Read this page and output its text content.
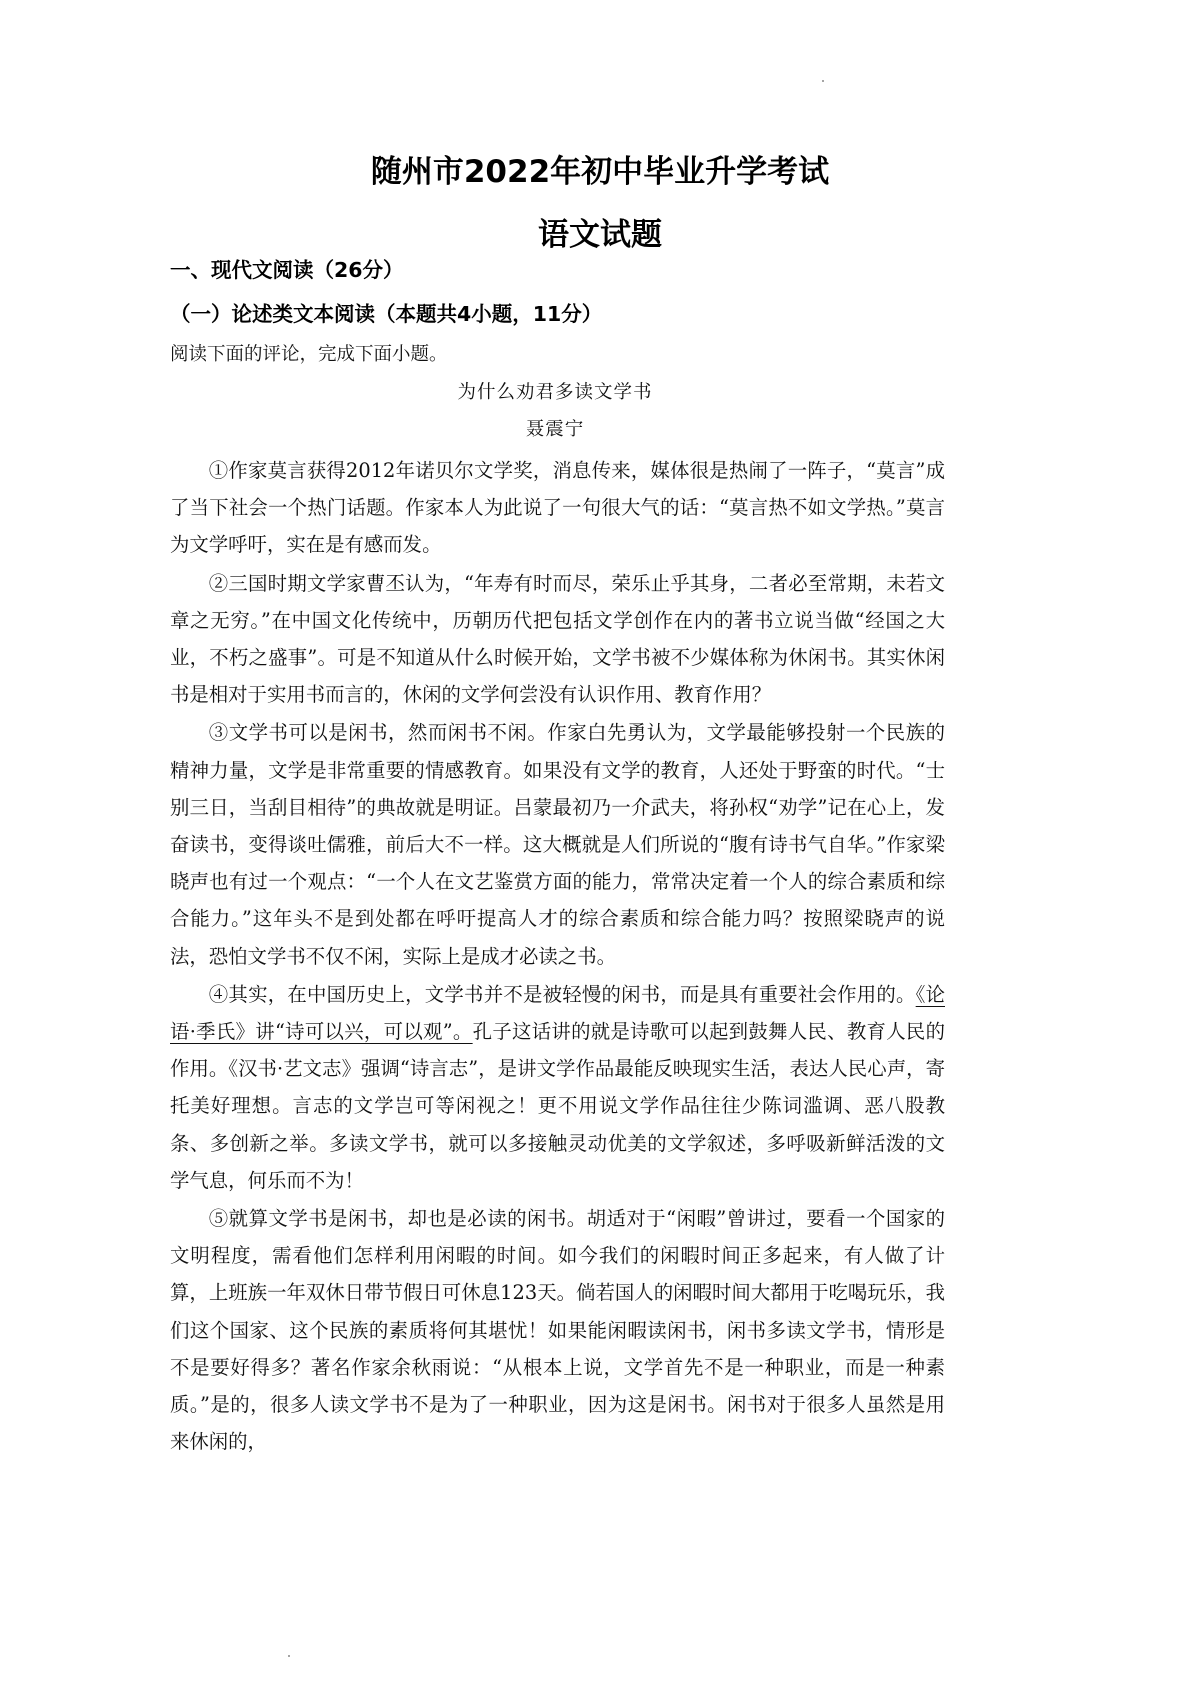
随州市2022年初中毕业升学考试
语文试题
一、现代文阅读（26分）
（一）论述类文本阅读（本题共4小题，11分）
阅读下面的评论，完成下面小题。
为什么劝君多读文学书
聂震宁

①作家莫言获得2012年诺贝尔文学奖，消息传来，媒体很是热闹了一阵子，“莫言”成了当下社会一个热门话题。作家本人为此说了一句很大气的话：“莫言热不如文学热。”莫言为文学呼吁，实在是有感而发。

②三国时期文学家曹丕认为，“年寿有时而尽，荣乐止乎其身，二者必至常期，未若文章之无穷。”在中国文化传统中，历朝历代把包括文学创作在内的著书立说当做“经国之大业，不朽之盛事”。可是不知道从什么时候开始，文学书被不少媒体称为休闲书。其实休闲书是相对于实用书而言的，休闲的文学何尝没有认识作用、教育作用？

③文学书可以是闲书，然而闲书不闲。作家白先勇认为，文学最能够投射一个民族的精神力量，文学是非常重要的情感教育。如果没有文学的教育，人还处于野蛮的时代。“士别三日，当刮目相待”的典故就是明证。吕蒙最初乃一介武夫，将孙权“劝学”记在心上，发奋读书，变得谈吐儒雅，前后大不一样。这大概就是人们所说的“腹有诗书气自华。”作家梁晓声也有过一个观点：“一个人在文艺鉴赏方面的能力，常常决定着一个人的综合素质和综合能力。”这年头不是到处都在呼吁提高人才的综合素质和综合能力吗？按照梁晓声的说法，恐怕文学书不仅不闲，实际上是成才必读之书。

④其实，在中国历史上，文学书并不是被轻慢的闲书，而是具有重要社会作用的。《论语·季氏》讲“诗可以兴，可以观”。孔子这话讲的就是诗歌可以起到鼓舞人民、教育人民的作用。《汉书·艺文志》强调“诗言志”，是讲文学作品最能反映现实生活，表达人民心声，寄托美好理想。言志的文学岂可等闲视之！更不用说文学作品往往少陈词滥调、恶八股教条、多创新之举。多读文学书，就可以多接触灵动优美的文学叙述，多呼吸新鲜活泼的文学气息，何乐而不为！

⑤就算文学书是闲书，却也是必读的闲书。胡适对于“闲暇”曾讲过，要看一个国家的文明程度，需看他们怎样利用闲暇的时间。如今我们的闲暇时间正多起来，有人做了计算，上班族一年双休日带节假日可休息123天。倘若国人的闲暇时间大都用于吃喝玩乐，我们这个国家、这个民族的素质将何其堪忧！如果能闲暇读闲书，闲书多读文学书，情形是不是要好得多？著名作家余秋雨说：“从根本上说，文学首先不是一种职业，而是一种素质。”是的，很多人读文学书不是为了一种职业，因为这是闲书。闲书对于很多人虽然是用来休闲的，
